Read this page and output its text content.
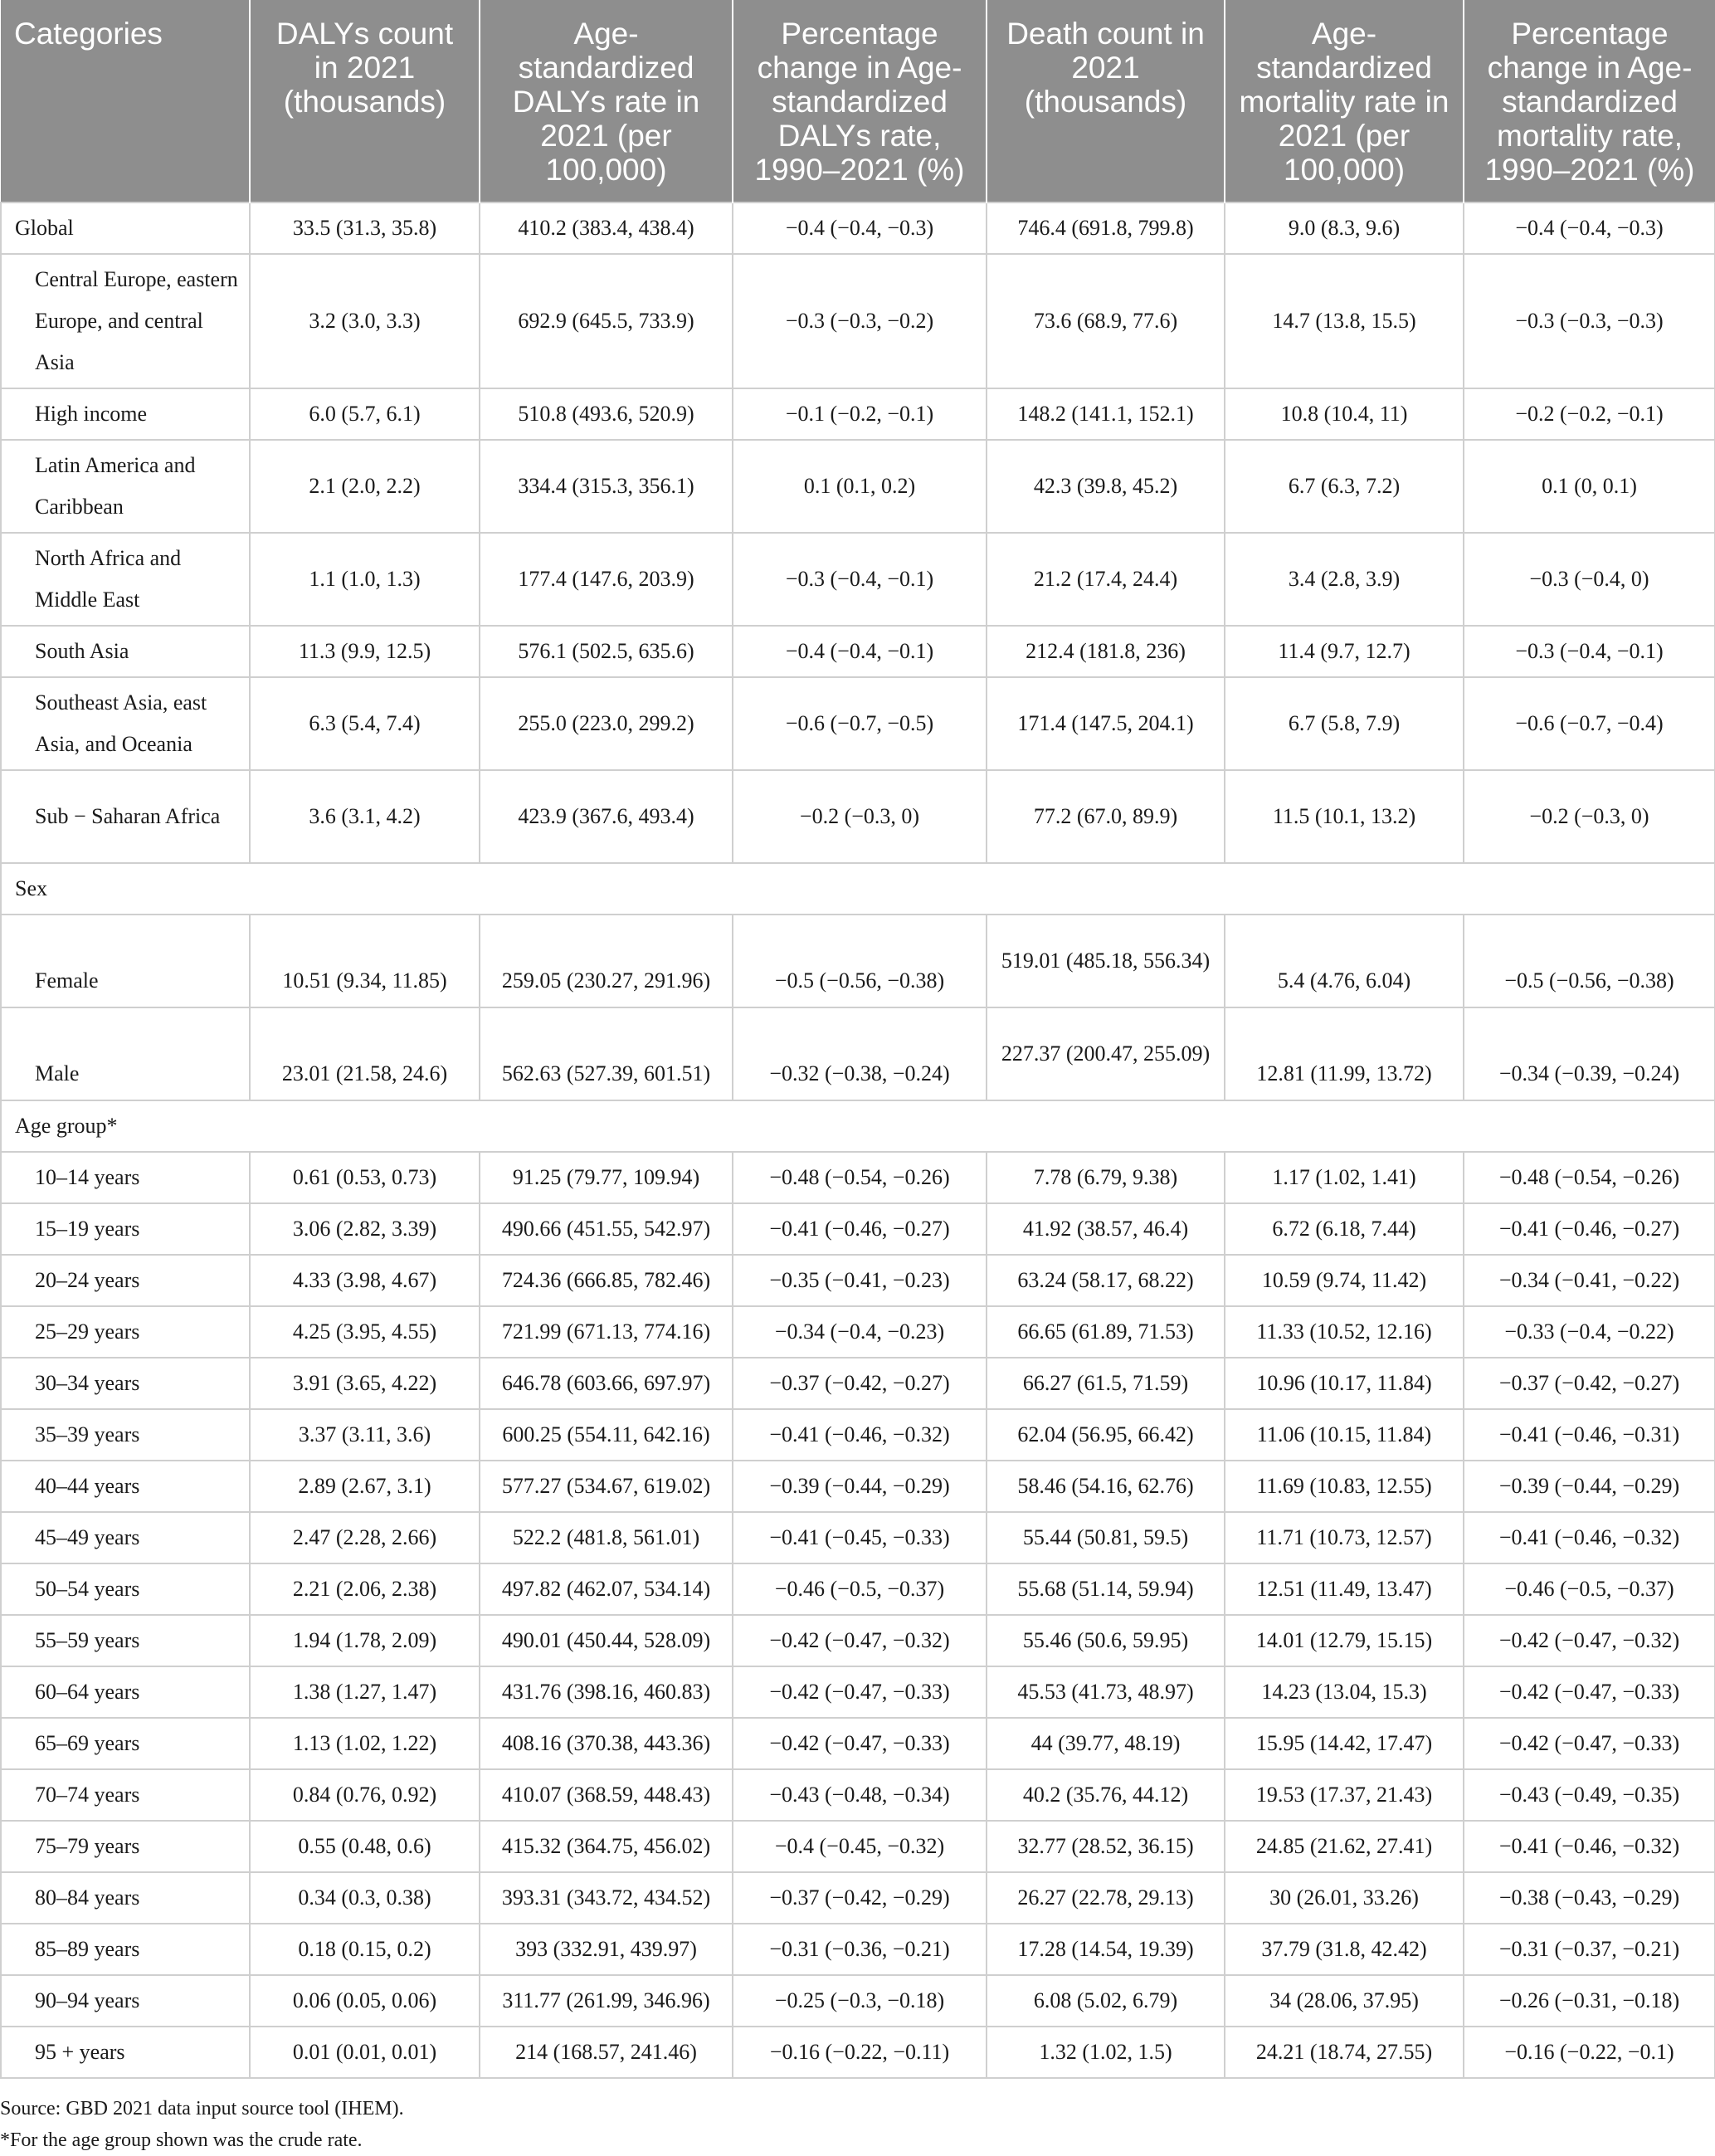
Categories	DALYs count in 2021 (thousands)	Age-standardized DALYs rate in 2021 (per 100,000)	Percentage change in Age-standardized DALYs rate, 1990–2021 (%)	Death count in 2021 (thousands)	Age-standardized mortality rate in 2021 (per 100,000)	Percentage change in Age-standardized mortality rate, 1990–2021 (%)
Global	33.5 (31.3, 35.8)	410.2 (383.4, 438.4)	−0.4 (−0.4, −0.3)	746.4 (691.8, 799.8)	9.0 (8.3, 9.6)	−0.4 (−0.4, −0.3)
Central Europe, eastern Europe, and central Asia	3.2 (3.0, 3.3)	692.9 (645.5, 733.9)	−0.3 (−0.3, −0.2)	73.6 (68.9, 77.6)	14.7 (13.8, 15.5)	−0.3 (−0.3, −0.3)
High income	6.0 (5.7, 6.1)	510.8 (493.6, 520.9)	−0.1 (−0.2, −0.1)	148.2 (141.1, 152.1)	10.8 (10.4, 11)	−0.2 (−0.2, −0.1)
Latin America and Caribbean	2.1 (2.0, 2.2)	334.4 (315.3, 356.1)	0.1 (0.1, 0.2)	42.3 (39.8, 45.2)	6.7 (6.3, 7.2)	0.1 (0, 0.1)
North Africa and Middle East	1.1 (1.0, 1.3)	177.4 (147.6, 203.9)	−0.3 (−0.4, −0.1)	21.2 (17.4, 24.4)	3.4 (2.8, 3.9)	−0.3 (−0.4, 0)
South Asia	11.3 (9.9, 12.5)	576.1 (502.5, 635.6)	−0.4 (−0.4, −0.1)	212.4 (181.8, 236)	11.4 (9.7, 12.7)	−0.3 (−0.4, −0.1)
Southeast Asia, east Asia, and Oceania	6.3 (5.4, 7.4)	255.0 (223.0, 299.2)	−0.6 (−0.7, −0.5)	171.4 (147.5, 204.1)	6.7 (5.8, 7.9)	−0.6 (−0.7, −0.4)
Sub − Saharan Africa	3.6 (3.1, 4.2)	423.9 (367.6, 493.4)	−0.2 (−0.3, 0)	77.2 (67.0, 89.9)	11.5 (10.1, 13.2)	−0.2 (−0.3, 0)
Sex						
Female	10.51 (9.34, 11.85)	259.05 (230.27, 291.96)	−0.5 (−0.56, −0.38)	519.01 (485.18, 556.34)	5.4 (4.76, 6.04)	−0.5 (−0.56, −0.38)
Male	23.01 (21.58, 24.6)	562.63 (527.39, 601.51)	−0.32 (−0.38, −0.24)	227.37 (200.47, 255.09)	12.81 (11.99, 13.72)	−0.34 (−0.39, −0.24)
Age group*						
10–14 years	0.61 (0.53, 0.73)	91.25 (79.77, 109.94)	−0.48 (−0.54, −0.26)	7.78 (6.79, 9.38)	1.17 (1.02, 1.41)	−0.48 (−0.54, −0.26)
15–19 years	3.06 (2.82, 3.39)	490.66 (451.55, 542.97)	−0.41 (−0.46, −0.27)	41.92 (38.57, 46.4)	6.72 (6.18, 7.44)	−0.41 (−0.46, −0.27)
20–24 years	4.33 (3.98, 4.67)	724.36 (666.85, 782.46)	−0.35 (−0.41, −0.23)	63.24 (58.17, 68.22)	10.59 (9.74, 11.42)	−0.34 (−0.41, −0.22)
25–29 years	4.25 (3.95, 4.55)	721.99 (671.13, 774.16)	−0.34 (−0.4, −0.23)	66.65 (61.89, 71.53)	11.33 (10.52, 12.16)	−0.33 (−0.4, −0.22)
30–34 years	3.91 (3.65, 4.22)	646.78 (603.66, 697.97)	−0.37 (−0.42, −0.27)	66.27 (61.5, 71.59)	10.96 (10.17, 11.84)	−0.37 (−0.42, −0.27)
35–39 years	3.37 (3.11, 3.6)	600.25 (554.11, 642.16)	−0.41 (−0.46, −0.32)	62.04 (56.95, 66.42)	11.06 (10.15, 11.84)	−0.41 (−0.46, −0.31)
40–44 years	2.89 (2.67, 3.1)	577.27 (534.67, 619.02)	−0.39 (−0.44, −0.29)	58.46 (54.16, 62.76)	11.69 (10.83, 12.55)	−0.39 (−0.44, −0.29)
45–49 years	2.47 (2.28, 2.66)	522.2 (481.8, 561.01)	−0.41 (−0.45, −0.33)	55.44 (50.81, 59.5)	11.71 (10.73, 12.57)	−0.41 (−0.46, −0.32)
50–54 years	2.21 (2.06, 2.38)	497.82 (462.07, 534.14)	−0.46 (−0.5, −0.37)	55.68 (51.14, 59.94)	12.51 (11.49, 13.47)	−0.46 (−0.5, −0.37)
55–59 years	1.94 (1.78, 2.09)	490.01 (450.44, 528.09)	−0.42 (−0.47, −0.32)	55.46 (50.6, 59.95)	14.01 (12.79, 15.15)	−0.42 (−0.47, −0.32)
60–64 years	1.38 (1.27, 1.47)	431.76 (398.16, 460.83)	−0.42 (−0.47, −0.33)	45.53 (41.73, 48.97)	14.23 (13.04, 15.3)	−0.42 (−0.47, −0.33)
65–69 years	1.13 (1.02, 1.22)	408.16 (370.38, 443.36)	−0.42 (−0.47, −0.33)	44 (39.77, 48.19)	15.95 (14.42, 17.47)	−0.42 (−0.47, −0.33)
70–74 years	0.84 (0.76, 0.92)	410.07 (368.59, 448.43)	−0.43 (−0.48, −0.34)	40.2 (35.76, 44.12)	19.53 (17.37, 21.43)	−0.43 (−0.49, −0.35)
75–79 years	0.55 (0.48, 0.6)	415.32 (364.75, 456.02)	−0.4 (−0.45, −0.32)	32.77 (28.52, 36.15)	24.85 (21.62, 27.41)	−0.41 (−0.46, −0.32)
80–84 years	0.34 (0.3, 0.38)	393.31 (343.72, 434.52)	−0.37 (−0.42, −0.29)	26.27 (22.78, 29.13)	30 (26.01, 33.26)	−0.38 (−0.43, −0.29)
85–89 years	0.18 (0.15, 0.2)	393 (332.91, 439.97)	−0.31 (−0.36, −0.21)	17.28 (14.54, 19.39)	37.79 (31.8, 42.42)	−0.31 (−0.37, −0.21)
90–94 years	0.06 (0.05, 0.06)	311.77 (261.99, 346.96)	−0.25 (−0.3, −0.18)	6.08 (5.02, 6.79)	34 (28.06, 37.95)	−0.26 (−0.31, −0.18)
95 + years	0.01 (0.01, 0.01)	214 (168.57, 241.46)	−0.16 (−0.22, −0.11)	1.32 (1.02, 1.5)	24.21 (18.74, 27.55)	−0.16 (−0.22, −0.1)
Source: GBD 2021 data input source tool (IHEM).
*For the age group shown was the crude rate.
